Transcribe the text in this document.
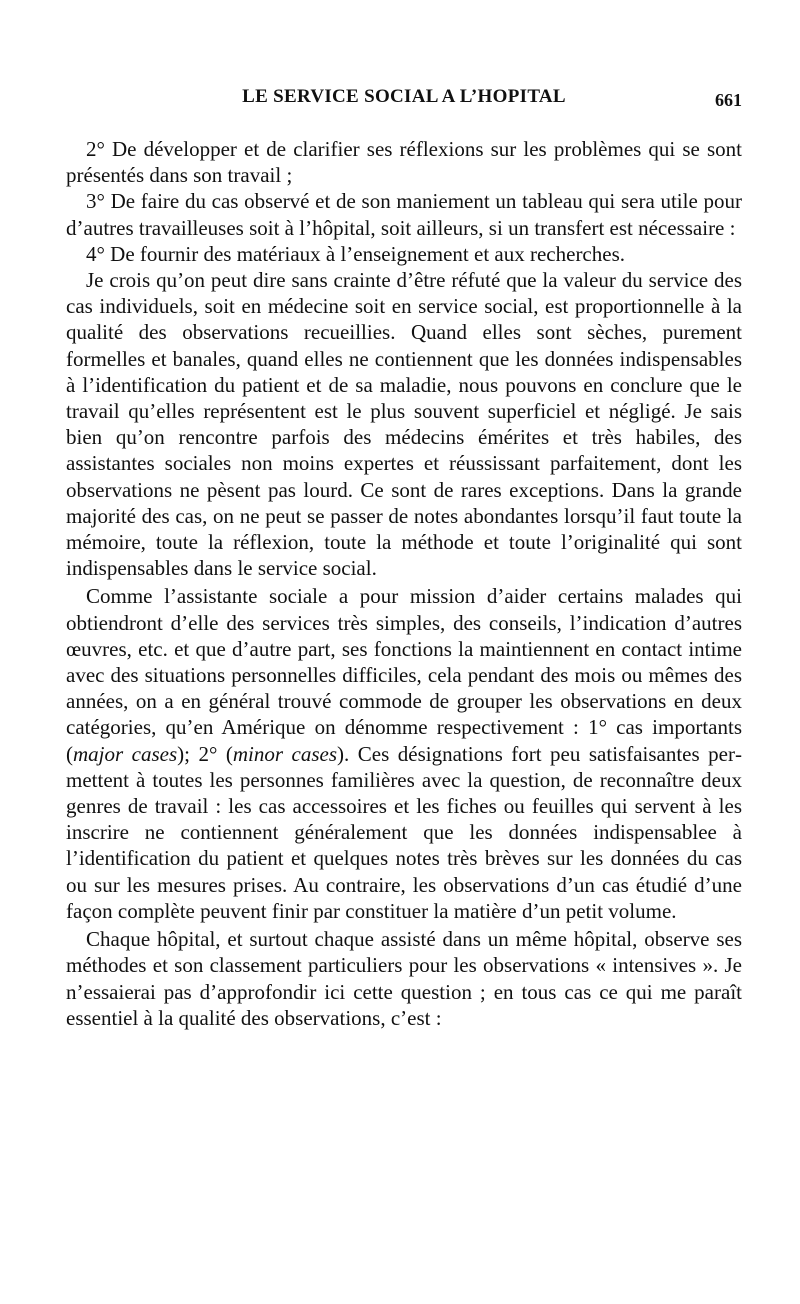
LE SERVICE SOCIAL A L’HOPITAL	661

2° De développer et de clarifier ses réflexions sur les problèmes qui se sont présentés dans son travail ;

3° De faire du cas observé et de son maniement un tableau qui sera utile pour d’autres travailleuses soit à l’hôpital, soit ailleurs, si un transfert est nécessaire :

4° De fournir des matériaux à l’enseignement et aux recherches.

Je crois qu’on peut dire sans crainte d’être réfuté que la valeur du service des cas individuels, soit en médecine soit en service social, est proportionnelle à la qualité des observations recueillies. Quand elles sont sèches, purement formelles et banales, quand elles ne contiennent que les données indispensables à l’identification du patient et de sa maladie, nous pouvons en conclure que le travail qu’elles représentent est le plus souvent superficiel et négligé. Je sais bien qu’on rencontre parfois des médecins émérites et très habiles, des assistantes sociales non moins expertes et réussissant parfaitement, dont les observations ne pèsent pas lourd. Ce sont de rares exceptions. Dans la grande majorité des cas, on ne peut se passer de notes abondantes lorsqu’il faut toute la mémoire, toute la réflexion, toute la méthode et toute l’originalité qui sont indispensables dans le service social.

Comme l’assistante sociale a pour mission d’aider certains malades qui obtiendront d’elle des services très simples, des conseils, l’indication d’autres œuvres, etc. et que d’autre part, ses fonctions la maintiennent en contact intime avec des situations personnelles difficiles, cela pendant des mois ou mêmes des années, on a en général trouvé commode de grouper les observations en deux catégories, qu’en Amérique on dénomme respectivement : 1° cas importants (major cases); 2° (minor cases). Ces désignations fort peu satisfaisantes permettent à toutes les personnes familières avec la question, de reconnaître deux genres de travail : les cas accessoires et les fiches ou feuilles qui servent à les inscrire ne contiennent généralement que les données indispensablee à l’identification du patient et quelques notes très brèves sur les données du cas ou sur les mesures prises. Au contraire, les observations d’un cas étudié d’une façon complète peuvent finir par constituer la matière d’un petit volume.

Chaque hôpital, et surtout chaque assisté dans un même hôpital, observe ses méthodes et son classement particuliers pour les observations « intensives ». Je n’essaierai pas d’approfondir ici cette question ; en tous cas ce qui me paraît essentiel à la qualité des observations, c’est :
